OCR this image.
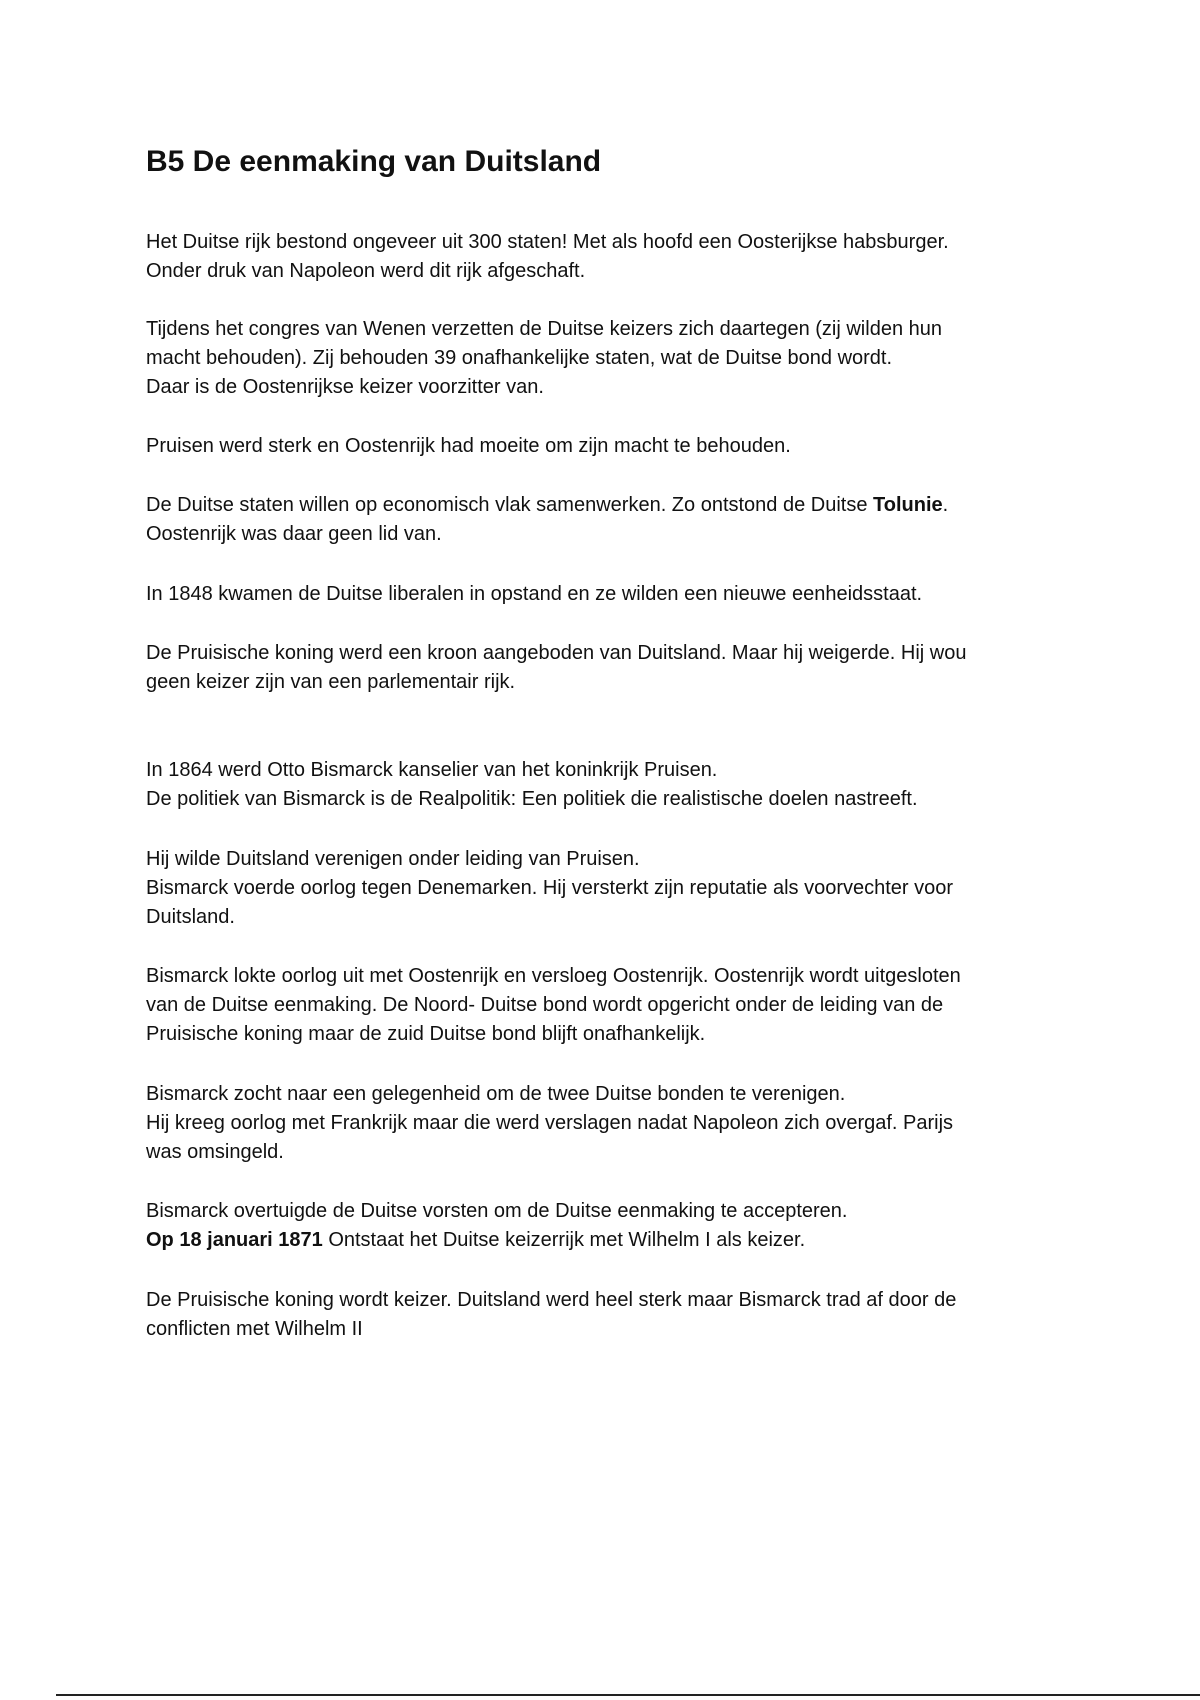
B5 De eenmaking van Duitsland

Het Duitse rijk bestond ongeveer uit 300 staten! Met als hoofd een Oosterijkse habsburger.
Onder druk van Napoleon werd dit rijk afgeschaft.

Tijdens het congres van Wenen verzetten de Duitse keizers zich daartegen (zij wilden hun
macht behouden). Zij behouden 39 onafhankelijke staten, wat de Duitse bond wordt.
Daar is de Oostenrijkse keizer voorzitter van.

Pruisen werd sterk en Oostenrijk had moeite om zijn macht te behouden.

De Duitse staten willen op economisch vlak samenwerken. Zo ontstond de Duitse Tolunie.
Oostenrijk was daar geen lid van.

In 1848 kwamen de Duitse liberalen in opstand en ze wilden een nieuwe eenheidsstaat.

De Pruisische koning werd een kroon aangeboden van Duitsland. Maar hij weigerde. Hij wou
geen keizer zijn van een parlementair rijk.

In 1864 werd Otto Bismarck kanselier van het koninkrijk Pruisen.
De politiek van Bismarck is de Realpolitik: Een politiek die realistische doelen nastreeft.

Hij wilde Duitsland verenigen onder leiding van Pruisen.
Bismarck voerde oorlog tegen Denemarken. Hij versterkt zijn reputatie als voorvechter voor
Duitsland.

Bismarck lokte oorlog uit met Oostenrijk en versloeg Oostenrijk. Oostenrijk wordt uitgesloten
van de Duitse eenmaking. De Noord- Duitse bond wordt opgericht onder de leiding van de
Pruisische koning maar de zuid Duitse bond blijft onafhankelijk.

Bismarck zocht naar een gelegenheid om de twee Duitse bonden te verenigen.
Hij kreeg oorlog met Frankrijk maar die werd verslagen nadat Napoleon zich overgaf. Parijs
was omsingeld.

Bismarck overtuigde de Duitse vorsten om de Duitse eenmaking te accepteren.
Op 18 januari 1871 Ontstaat het Duitse keizerrijk met Wilhelm I als keizer.

De Pruisische koning wordt keizer. Duitsland werd heel sterk maar Bismarck trad af door de
conflicten met Wilhelm II
